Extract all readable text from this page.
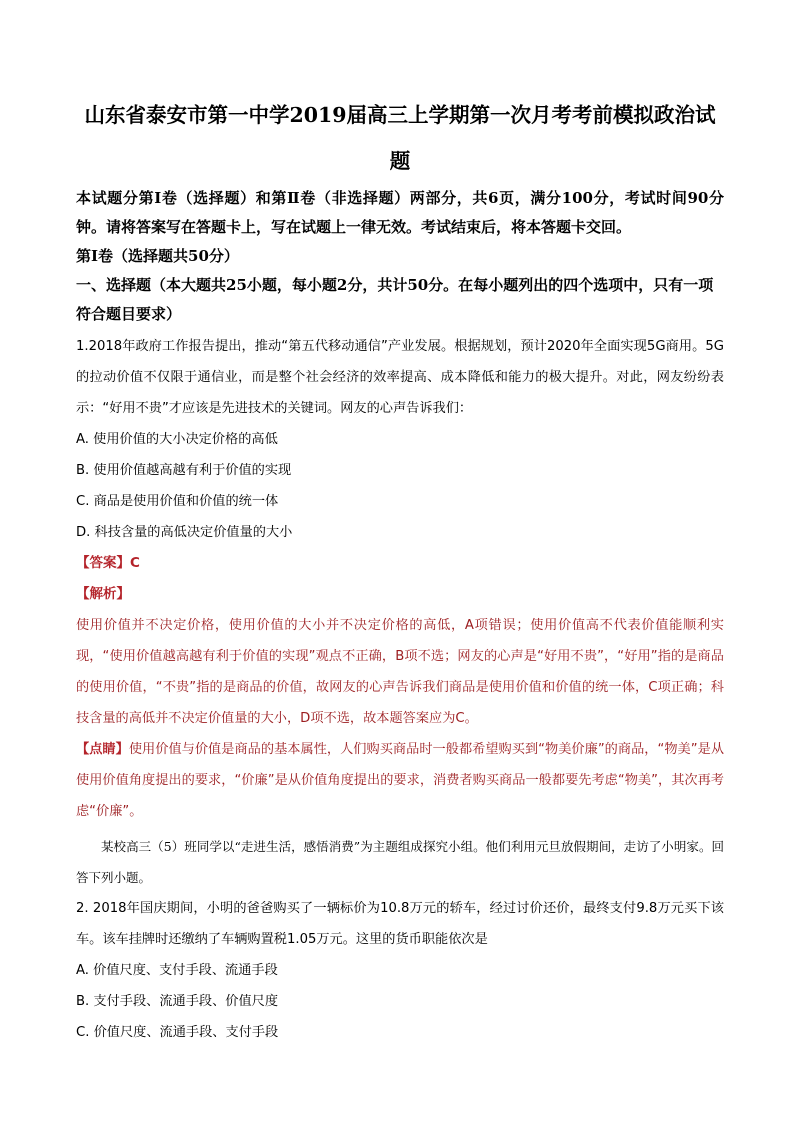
山东省泰安市第一中学2019届高三上学期第一次月考考前模拟政治试
题

本试题分第Ⅰ卷（选择题）和第Ⅱ卷（非选择题）两部分，共6页，满分100分，考试时间90分钟。请将答案写在答题卡上，写在试题上一律无效。考试结束后，将本答题卡交回。

第Ⅰ卷（选择题共50分）

一、选择题（本大题共25小题，每小题2分，共计50分。在每小题列出的四个选项中，只有一项符合题目要求）

1.2018年政府工作报告提出，推动“第五代移动通信”产业发展。根据规划，预计2020年全面实现5G商用。5G的拉动价值不仅限于通信业，而是整个社会经济的效率提高、成本降低和能力的极大提升。对此，网友纷纷表示：“好用不贵”才应该是先进技术的关键词。网友的心声告诉我们：

A. 使用价值的大小决定价格的高低

B. 使用价值越高越有利于价值的实现

C. 商品是使用价值和价值的统一体

D. 科技含量的高低决定价值量的大小

【答案】C

【解析】

使用价值并不决定价格，使用价值的大小并不决定价格的高低，A项错误；使用价值高不代表价值能顺利实现，“使用价值越高越有利于价值的实现”观点不正确，B项不选；网友的心声是“好用不贵”，“好用”指的是商品的使用价值，“不贵”指的是商品的价值，故网友的心声告诉我们商品是使用价值和价值的统一体，C项正确；科技含量的高低并不决定价值量的大小，D项不选，故本题答案应为C。

【点睛】使用价值与价值是商品的基本属性，人们购买商品时一般都希望购买到“物美价廉”的商品，“物美”是从使用价值角度提出的要求，“价廉”是从价值角度提出的要求，消费者购买商品一般都要先考虑“物美”，其次再考虑“价廉”。

某校高三（5）班同学以“走进生活，感悟消费”为主题组成探究小组。他们利用元旦放假期间，走访了小明家。回答下列小题。

2. 2018年国庆期间，小明的爸爸购买了一辆标价为10.8万元的轿车，经过讨价还价，最终支付9.8万元买下该车。该车挂牌时还缴纳了车辆购置税1.05万元。这里的货币职能依次是

A. 价值尺度、支付手段、流通手段

B. 支付手段、流通手段、价值尺度

C. 价值尺度、流通手段、支付手段
